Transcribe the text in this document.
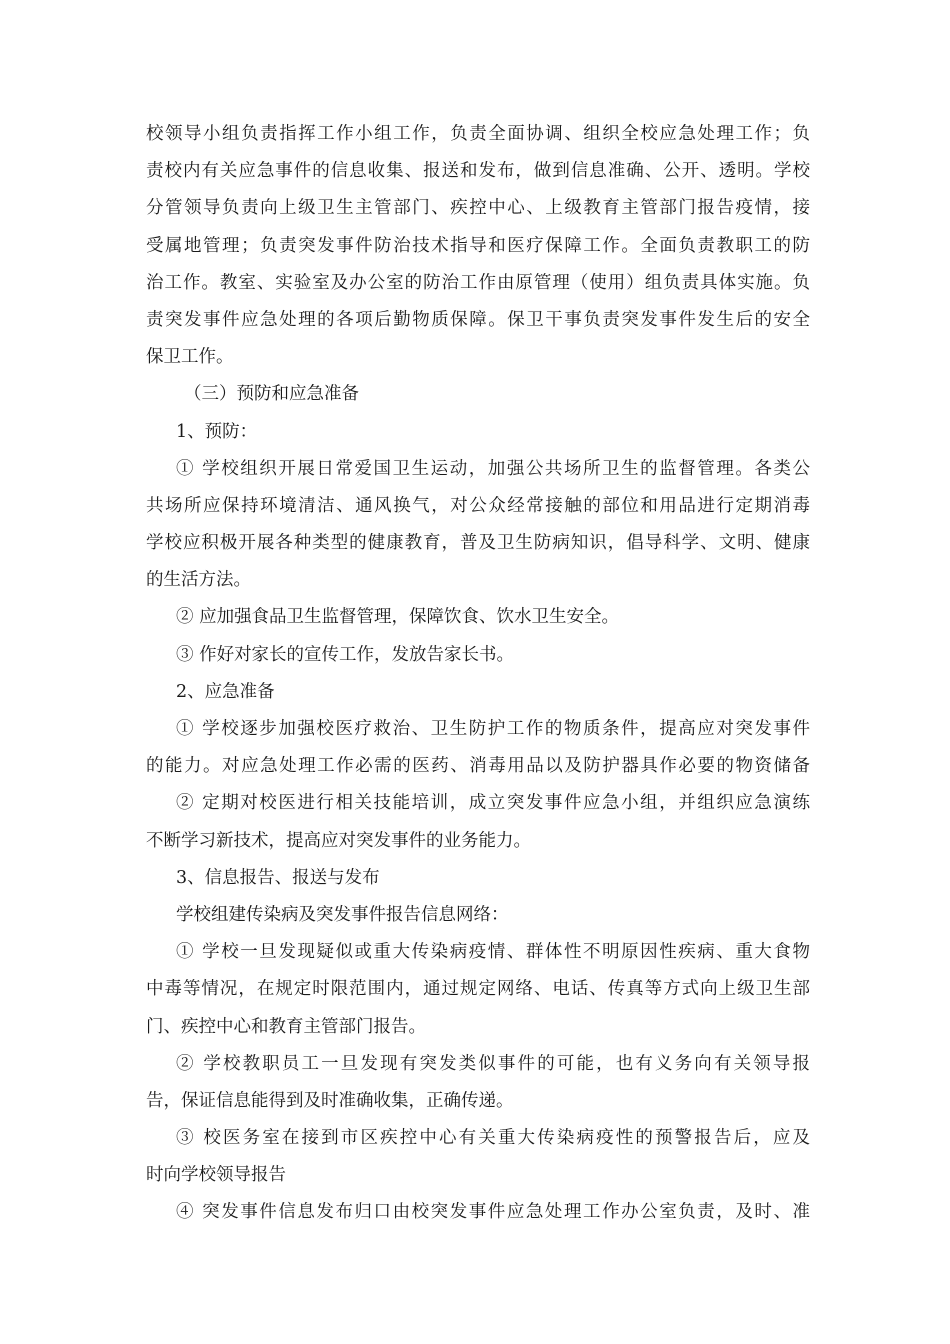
校领导小组负责指挥工作小组工作，负责全面协调、组织全校应急处理工作；负
责校内有关应急事件的信息收集、报送和发布，做到信息准确、公开、透明。学校
分管领导负责向上级卫生主管部门、疾控中心、上级教育主管部门报告疫情，接
受属地管理；负责突发事件防治技术指导和医疗保障工作。全面负责教职工的防
治工作。教室、实验室及办公室的防治工作由原管理（使用）组负责具体实施。负
责突发事件应急处理的各项后勤物质保障。保卫干事负责突发事件发生后的安全
保卫工作。
（三）预防和应急准备
1、预防：
① 学校组织开展日常爱国卫生运动，加强公共场所卫生的监督管理。各类公
共场所应保持环境清洁、通风换气，对公众经常接触的部位和用品进行定期消毒
学校应积极开展各种类型的健康教育，普及卫生防病知识，倡导科学、文明、健康
的生活方法。
② 应加强食品卫生监督管理，保障饮食、饮水卫生安全。
③ 作好对家长的宣传工作，发放告家长书。
2、应急准备
① 学校逐步加强校医疗救治、卫生防护工作的物质条件，提高应对突发事件
的能力。对应急处理工作必需的医药、消毒用品以及防护器具作必要的物资储备
② 定期对校医进行相关技能培训，成立突发事件应急小组，并组织应急演练
不断学习新技术，提高应对突发事件的业务能力。
3、信息报告、报送与发布
学校组建传染病及突发事件报告信息网络：
① 学校一旦发现疑似或重大传染病疫情、群体性不明原因性疾病、重大食物
中毒等情况，在规定时限范围内，通过规定网络、电话、传真等方式向上级卫生部
门、疾控中心和教育主管部门报告。
② 学校教职员工一旦发现有突发类似事件的可能，也有义务向有关领导报
告，保证信息能得到及时准确收集，正确传递。
③ 校医务室在接到市区疾控中心有关重大传染病疫性的预警报告后，应及
时向学校领导报告
④ 突发事件信息发布归口由校突发事件应急处理工作办公室负责，及时、准
